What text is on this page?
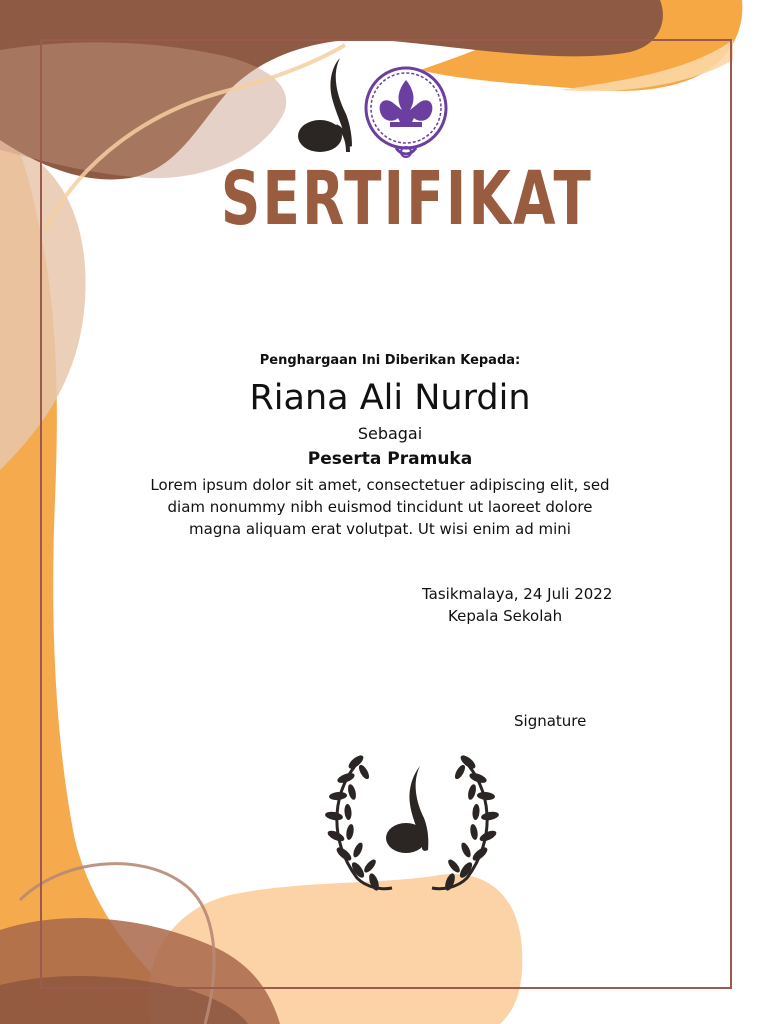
SERTIFIKAT
Penghargaan Ini Diberikan Kepada:
Riana Ali Nurdin
Sebagai
Peserta Pramuka
Lorem ipsum dolor sit amet, consectetuer adipiscing elit, sed
diam nonummy nibh euismod tincidunt ut laoreet dolore
magna aliquam erat volutpat. Ut wisi enim ad mini
Tasikmalaya, 24 Juli 2022
Kepala Sekolah
Signature
